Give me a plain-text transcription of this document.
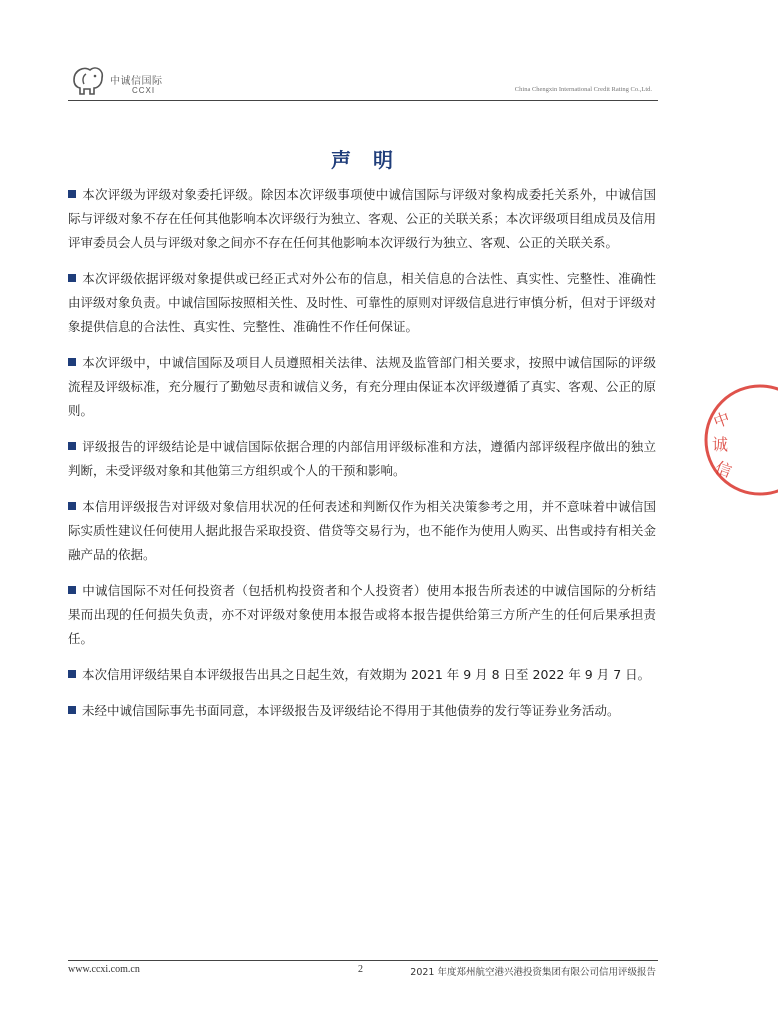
中诚信国际
CCXI	China Chengxin International Credit Rating Co.,Ltd.
声明

本次评级为评级对象委托评级。除因本次评级事项使中诚信国际与评级对象构成委托关系外，中诚信国际与评级对象不存在任何其他影响本次评级行为独立、客观、公正的关联关系；本次评级项目组成员及信用评审委员会人员与评级对象之间亦不存在任何其他影响本次评级行为独立、客观、公正的关联关系。

本次评级依据评级对象提供或已经正式对外公布的信息，相关信息的合法性、真实性、完整性、准确性由评级对象负责。中诚信国际按照相关性、及时性、可靠性的原则对评级信息进行审慎分析，但对于评级对象提供信息的合法性、真实性、完整性、准确性不作任何保证。

本次评级中，中诚信国际及项目人员遵照相关法律、法规及监管部门相关要求，按照中诚信国际的评级流程及评级标准，充分履行了勤勉尽责和诚信义务，有充分理由保证本次评级遵循了真实、客观、公正的原则。

评级报告的评级结论是中诚信国际依据合理的内部信用评级标准和方法，遵循内部评级程序做出的独立判断，未受评级对象和其他第三方组织或个人的干预和影响。

本信用评级报告对评级对象信用状况的任何表述和判断仅作为相关决策参考之用，并不意味着中诚信国际实质性建议任何使用人据此报告采取投资、借贷等交易行为，也不能作为使用人购买、出售或持有相关金融产品的依据。

中诚信国际不对任何投资者（包括机构投资者和个人投资者）使用本报告所表述的中诚信国际的分析结果而出现的任何损失负责，亦不对评级对象使用本报告或将本报告提供给第三方所产生的任何后果承担责任。

本次信用评级结果自本评级报告出具之日起生效，有效期为 2021 年 9 月 8 日至 2022 年 9 月 7 日。

未经中诚信国际事先书面同意，本评级报告及评级结论不得用于其他债券的发行等证券业务活动。

中
诚
信
www.ccxi.com.cn	2	2021 年度郑州航空港兴港投资集团有限公司信用评级报告
